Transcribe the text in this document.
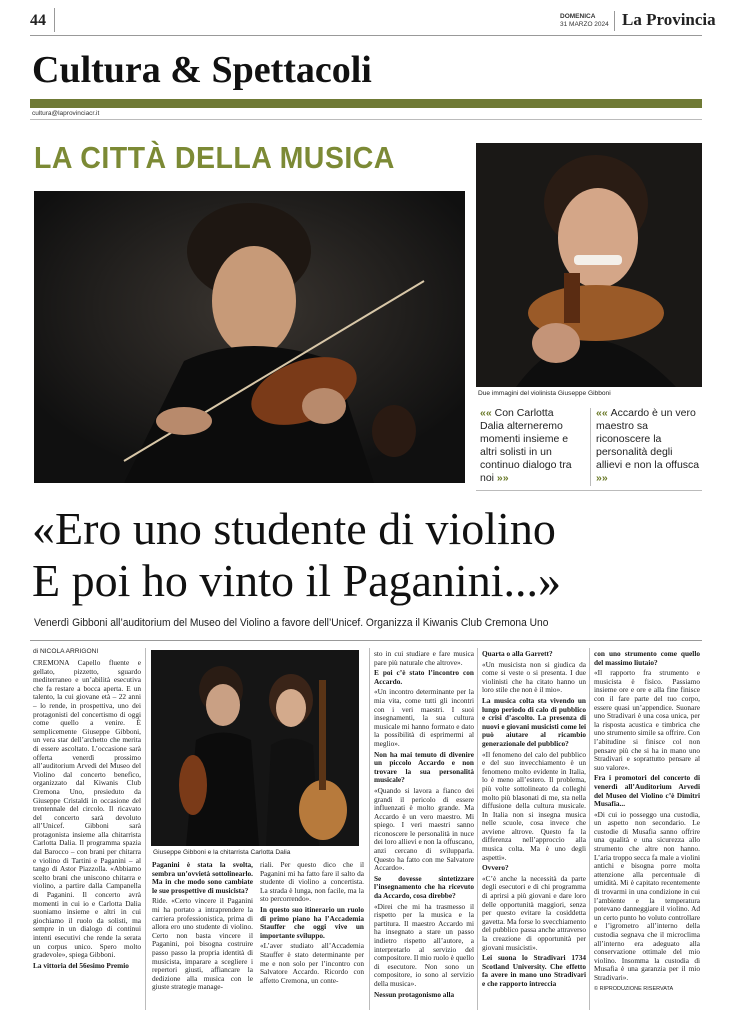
44	DOMENICA
31 MARZO 2024 La Provincia
Cultura & Spettacoli
cultura@laprovinciacr.it
LA CITTÀ DELLA MUSICA
Due immagini del violinista Giuseppe Gibboni
«« Con Carlotta Dalia alterneremo momenti insieme e altri solisti in un continuo dialogo tra noi »»
«« Accardo è un vero maestro sa riconoscere la personalità degli allievi e non la offusca »»
«Ero uno studente di violino
E poi ho vinto il Paganini...»
Venerdì Gibboni all’auditorium del Museo del Violino a favore dell’Unicef. Organizza il Kiwanis Club Cremona Uno
Giuseppe Gibboni e la chitarrista Carlotta Dalia
di NICOLA ARRIGONI

CREMONA Capello fluente e gellato, pizzetto, sguardo mediterraneo e un’abilità esecutiva che fa restare a bocca aperta. E un talento, la cui giovane età – 22 anni – lo rende, in prospettiva, uno dei protagonisti del concertismo di oggi come quello a venire. È semplicemente Giuseppe Gibboni, un vera star dell’archetto che merita di essere ascoltato. L’occasione sarà offerta venerdì prossimo all’auditorium Arvedi del Museo del Violino dal concerto benefico, organizzato dal Kiwanis Club Cremona Uno, presieduto da Giuseppe Cristaldi in occasione del trentennale del circolo. Il ricavato del concerto sarà devoluto all’Unicef. Gibboni sarà protagonista insieme alla chitarrista Carlotta Dalia. Il programma spazia dal Barocco – con brani per chitarra e violino di Tartini e Paganini – al tango di Astor Piazzolla. «Abbiamo scelto brani che uniscono chitarra e violino, a partire dalla Campanella di Paganini. Il concerto avrà momenti in cui io e Carlotta Dalia suoniamo insieme e altri in cui giochiamo il ruolo da solisti, ma sempre in un dialogo di continui intenti esecutivi che rende la serata un corpus unico. Spero molto gradevole», spiega Gibboni.

La vittoria del 56esimo Premio

Paganini è stata la svolta, sembra un’ovvietà sottolinearlo. Ma in che modo sono cambiate le sue prospettive di musicista?

Ride. «Certo vincere il Paganini mi ha portato a intraprendere la carriera professionistica, prima di allora ero uno studente di violino. Certo non basta vincere il Paganini, poi bisogna costruire passo passo la propria identità di musicista, imparare a scegliere i repertori giusti, affiancare la dedizione alla musica con le giuste strategie manage-

riali. Per questo dico che il Paganini mi ha fatto fare il salto da studente di violino a concertista. La strada è lunga, non facile, ma la sto percorrendo».

In questo suo itinerario un ruolo di primo piano ha l’Accademia Stauffer che oggi vive un importante sviluppo.

«L’aver studiato all’Accademia Stauffer è stato determinante per me e non solo per l’incontro con Salvatore Accardo. Ricordo con affetto Cremona, un conte-

sto in cui studiare e fare musica pare più naturale che altrove».

E poi c’è stato l’incontro con Accardo.

«Un incontro determinante per la mia vita, come tutti gli incontri con i veri maestri. I suoi insegnamenti, la sua cultura musicale mi hanno formato e dato la possibilità di esprimermi al meglio».

Non ha mai temuto di divenire un piccolo Accardo e non trovare la sua personalità musicale?

«Quando si lavora a fianco dei grandi il pericolo di essere influenzati è molto grande. Ma Accardo è un vero maestro. Mi spiego. I veri maestri sanno riconoscere le personalità in nuce dei loro allievi e non la offuscano, anzi cercano di svilupparla. Questo ha fatto con me Salvatore Accardo».

Se dovesse sintetizzare l’insegnamento che ha ricevuto da Accardo, cosa direbbe?

«Direi che mi ha trasmesso il rispetto per la musica e la partitura. Il maestro Accardo mi ha insegnato a stare un passo indietro rispetto all’autore, a interpretarlo al servizio del compositore. Il mio ruolo è quello di esecutore. Non sono un compositore, io sono al servizio della musica».

Nessun protagonismo alla

Quarta o alla Garrett?

«Un musicista non si giudica da come si veste o si presenta. I due violinisti che ha citato hanno un loro stile che non è il mio».

La musica colta sta vivendo un lungo periodo di calo di pubblico e crisi d’ascolto. La presenza di nuovi e giovani musicisti come lei può aiutare al ricambio generazionale del pubblico?

«Il fenomeno del calo del pubblico e del suo invecchiamento è un fenomeno molto evidente in Italia, lo è meno all’estero. Il problema, più volte sottolineato da colleghi molto più blasonati di me, sta nella diffusione della cultura musicale. In Italia non si insegna musica nelle scuole, cosa invece che avviene altrove. Questo fa la differenza nell’approccio alla musica colta. Ma è uno degli aspetti».

Ovvero?

«C’è anche la necessità da parte degli esecutori e di chi programma di aprirsi a più giovani e dare loro delle opportunità maggiori, senza per questo evitare la cosiddetta gavetta. Ma forse lo svecchiamento del pubblico passa anche attraverso la creazione di opportunità per giovani musicisti».

Lei suona lo Stradivari 1734 Scotland University. Che effetto fa avere in mano uno Stradivari e che rapporto intreccia

con uno strumento come quello del massimo liutaio?

«Il rapporto fra strumento e musicista è fisico. Passiamo insieme ore e ore e alla fine finisce con il fare parte del tuo corpo, essere quasi un’appendice. Suonare uno Stradivari è una cosa unica, per la risposta acustica e timbrica che uno strumento simile sa offrire. Con l’abitudine si finisce col non pensare più che si ha in mano uno Stradivari e soprattutto pensare al suo valore».

Fra i promotori del concerto di venerdì all’Auditorium Arvedi del Museo del Violino c’è Dimitri Musafia...

«Di cui io posseggo una custodia, un aspetto non secondario. Le custodie di Musafia sanno offrire una qualità e una sicurezza allo strumento che altre non hanno. L’aria troppo secca fa male a violini antichi e bisogna porre molta attenzione alla percentuale di umidità. Mi è capitato recentemente di trovarmi in una condizione in cui l’ambiente e la temperatura potevano danneggiare il violino. Ad un certo punto ho voluto controllare e l’igrometro all’interno della custodia segnava che il microclima all’interno era adeguato alla conservazione ottimale del mio violino. Insomma la custodia di Musafia è una garanzia per il mio Stradivari».

© RIPRODUZIONE RISERVATA
